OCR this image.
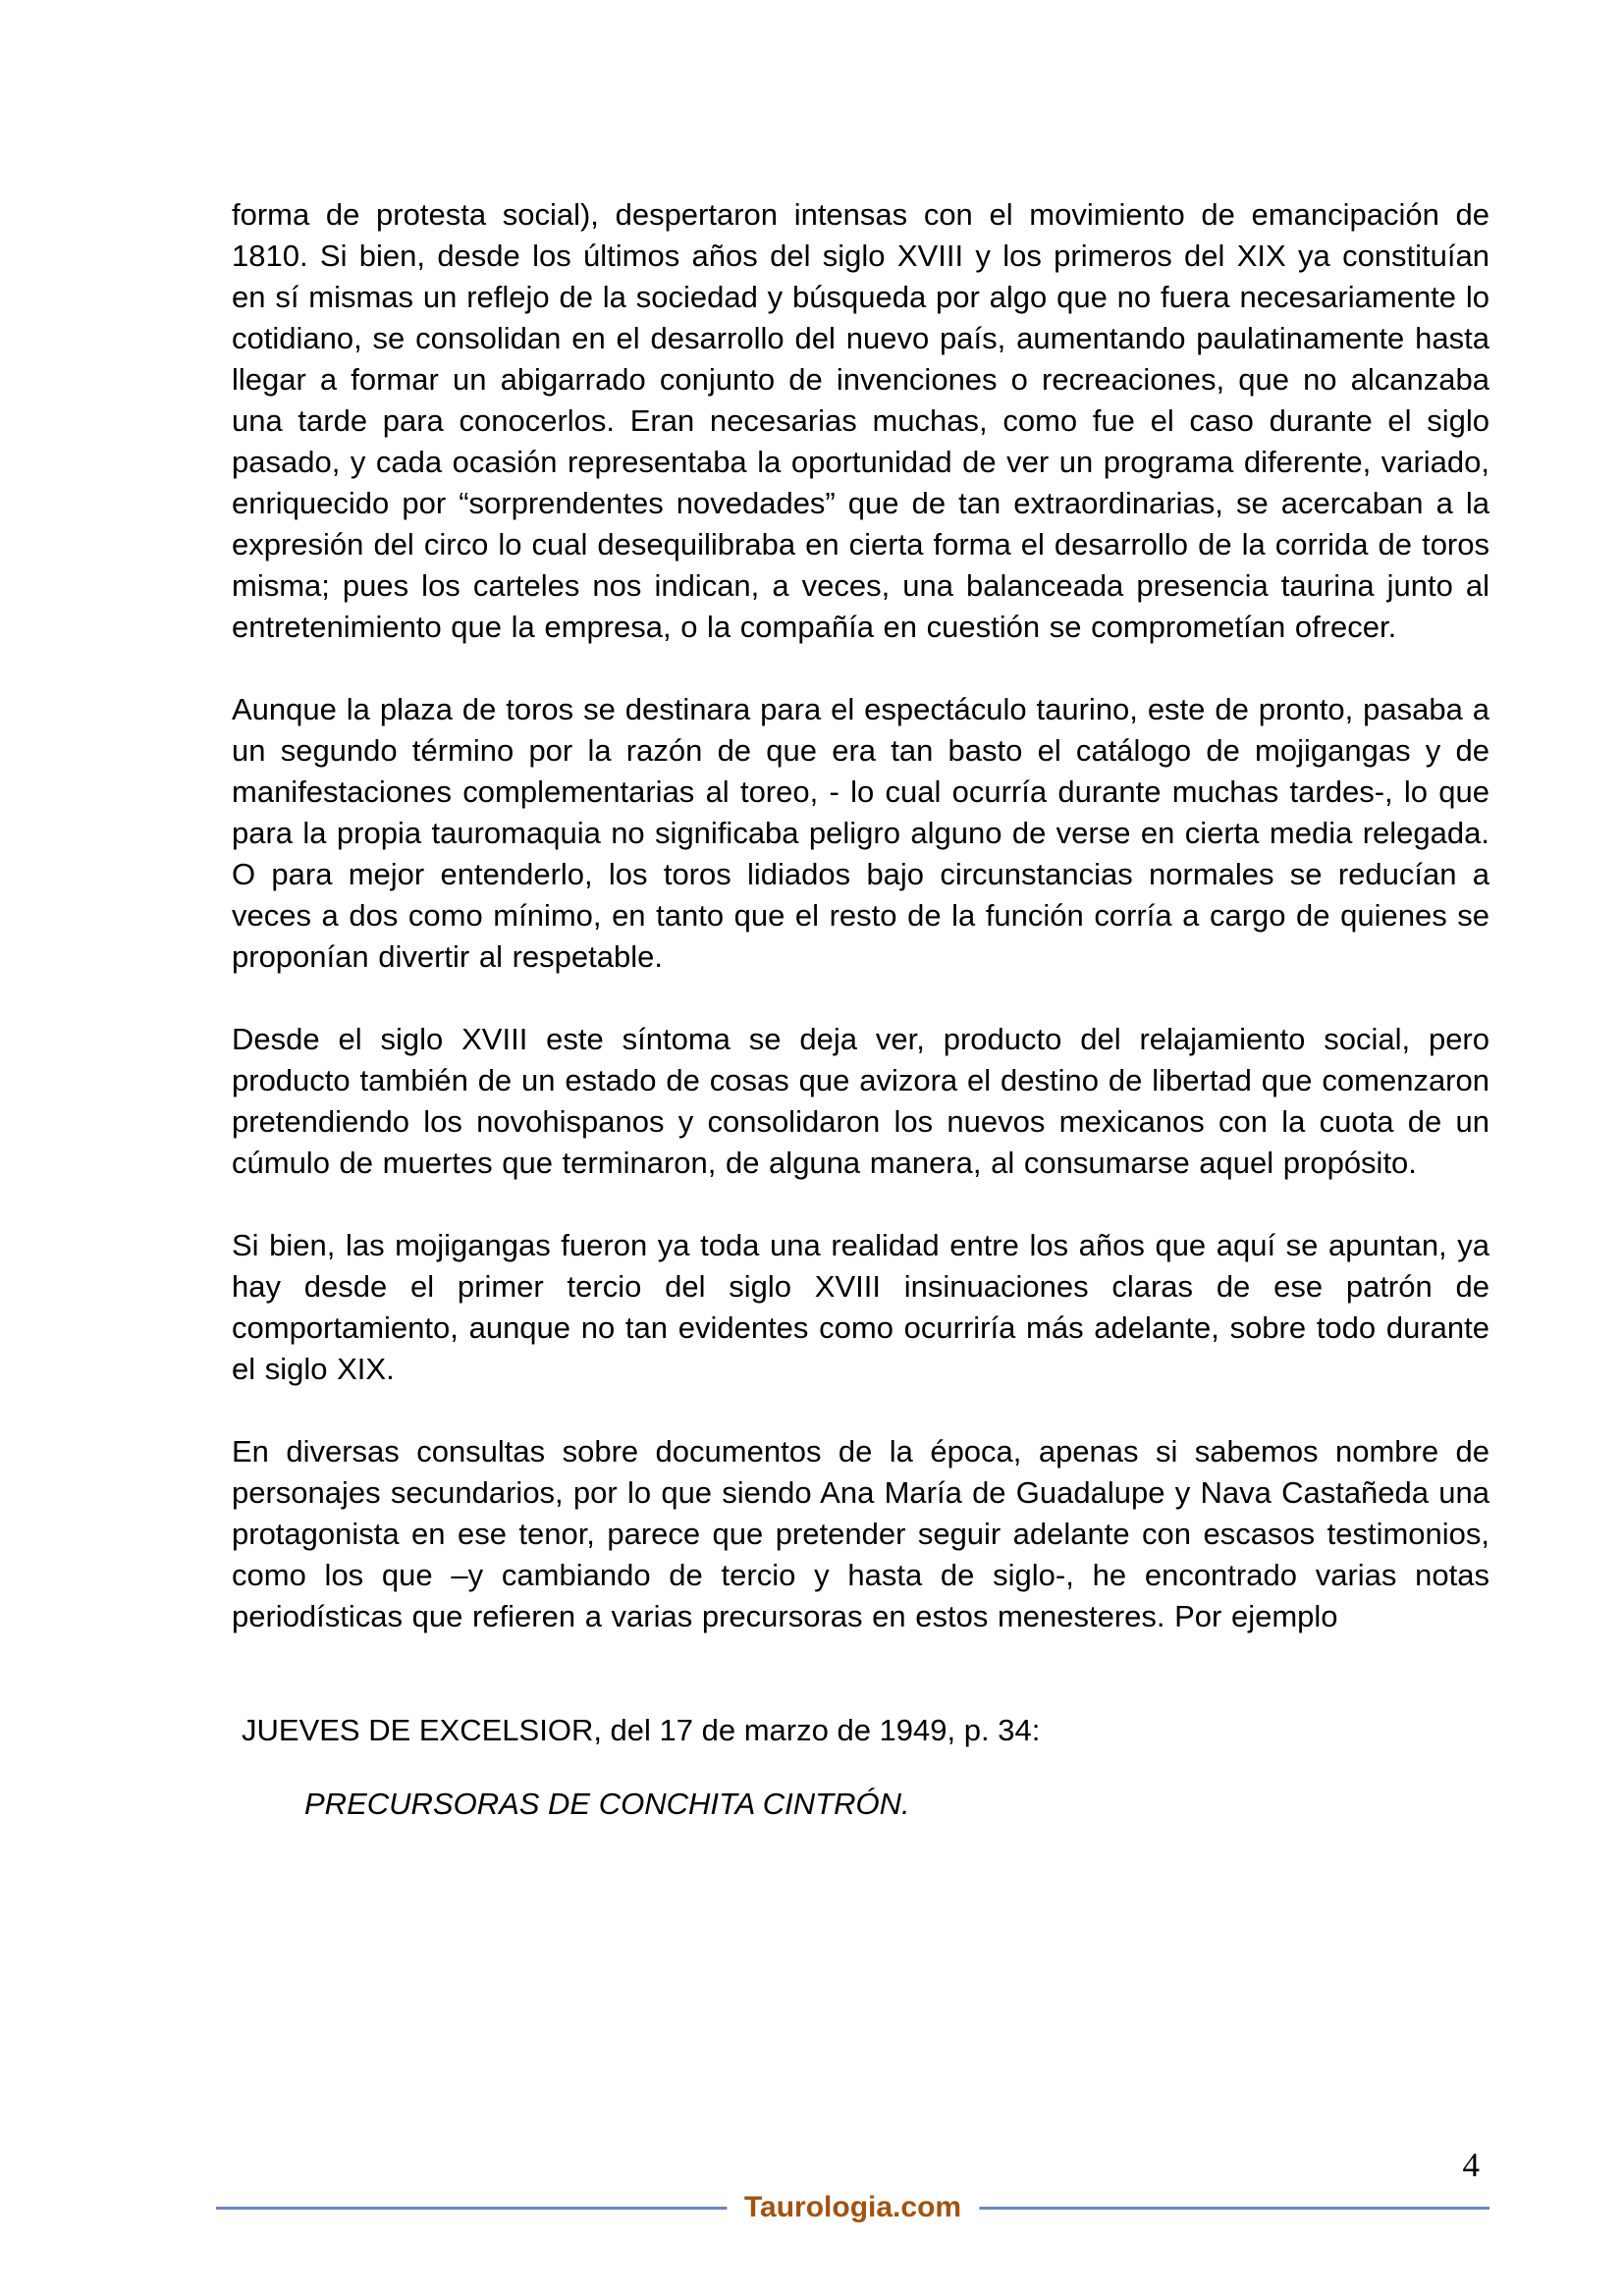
forma de protesta social), despertaron intensas con el movimiento de emancipación de 1810. Si bien, desde los últimos años del siglo XVIII y los primeros del XIX ya constituían en sí mismas un reflejo de la sociedad y búsqueda por algo que no fuera necesariamente lo cotidiano, se consolidan en el desarrollo del nuevo país, aumentando paulatinamente hasta llegar a formar un abigarrado conjunto de invenciones o recreaciones, que no alcanzaba una tarde para conocerlos. Eran necesarias muchas, como fue el caso durante el siglo pasado, y cada ocasión representaba la oportunidad de ver un programa diferente, variado, enriquecido por “sorprendentes novedades” que de tan extraordinarias, se acercaban a la expresión del circo lo cual desequilibraba en cierta forma el desarrollo de la corrida de toros misma; pues los carteles nos indican, a veces, una balanceada presencia taurina junto al entretenimiento que la empresa, o la compañía en cuestión se comprometían ofrecer.

Aunque la plaza de toros se destinara para el espectáculo taurino, este de pronto, pasaba a un segundo término por la razón de que era tan basto el catálogo de mojigangas y de manifestaciones complementarias al toreo, - lo cual ocurría durante muchas tardes-, lo que para la propia tauromaquia no significaba peligro alguno de verse en cierta media relegada. O para mejor entenderlo, los toros lidiados bajo circunstancias normales se reducían a veces a dos como mínimo, en tanto que el resto de la función corría a cargo de quienes se proponían divertir al respetable.

Desde el siglo XVIII este síntoma se deja ver, producto del relajamiento social, pero producto también de un estado de cosas que avizora el destino de libertad que comenzaron pretendiendo los novohispanos y consolidaron los nuevos mexicanos con la cuota de un cúmulo de muertes que terminaron, de alguna manera, al consumarse aquel propósito.

Si bien, las mojigangas fueron ya toda una realidad entre los años que aquí se apuntan, ya hay desde el primer tercio del siglo XVIII insinuaciones claras de ese patrón de comportamiento, aunque no tan evidentes como ocurriría más adelante, sobre todo durante el siglo XIX.

En diversas consultas sobre documentos de la época, apenas si sabemos nombre de personajes secundarios, por lo que siendo Ana María de Guadalupe y Nava Castañeda una protagonista en ese tenor, parece que pretender seguir adelante con escasos testimonios, como los que –y cambiando de tercio y hasta de siglo-, he encontrado varias notas periodísticas que refieren a varias precursoras en estos menesteres. Por ejemplo

JUEVES DE EXCELSIOR, del 17 de marzo de 1949, p. 34:

PRECURSORAS DE CONCHITA CINTRÓN.

4
Taurologia.com
